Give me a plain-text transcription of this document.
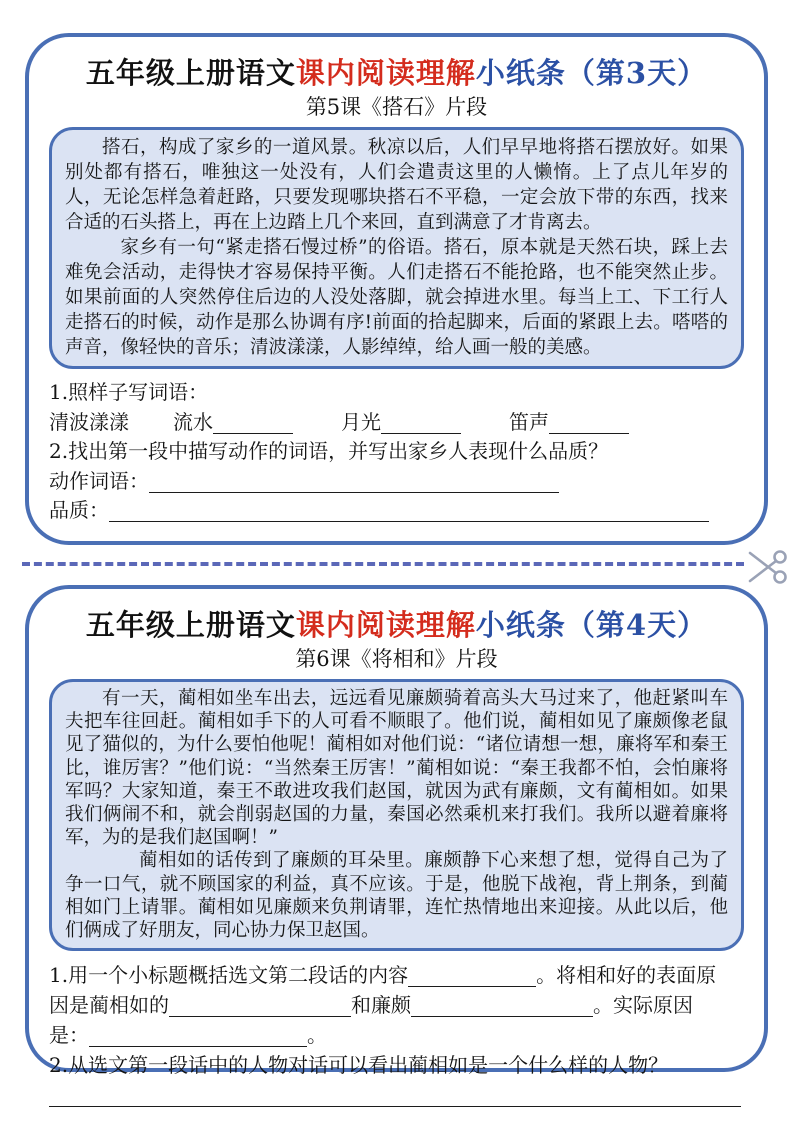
五年级上册语文课内阅读理解小纸条（第3天）
第5课《搭石》片段
搭石，构成了家乡的一道风景。秋凉以后，人们早早地将搭石摆放好。如果别处都有搭石，唯独这一处没有，人们会遣责这里的人懒惰。上了点儿年岁的人，无论怎样急着赶路，只要发现哪块搭石不平稳，一定会放下带的东西，找来合适的石头搭上，再在上边踏上几个来回，直到满意了才肯离去。
家乡有一句“紧走搭石慢过桥”的俗语。搭石，原本就是天然石块，踩上去难免会活动，走得快才容易保持平衡。人们走搭石不能抢路，也不能突然止步。如果前面的人突然停住后边的人没处落脚，就会掉进水里。每当上工、下工行人走搭石的时候，动作是那么协调有序!前面的拾起脚来，后面的紧跟上去。嗒嗒的声音，像轻快的音乐；清波漾漾，人影绰绰，给人画一般的美感。
1.照样子写词语：
清波漾漾 流水	月光	笛声
2.找出第一段中描写动作的词语，并写出家乡人表现什么品质？
动作词语：
品质：
五年级上册语文课内阅读理解小纸条（第4天）
第6课《将相和》片段
有一天，蔺相如坐车出去，远远看见廉颇骑着高头大马过来了，他赶紧叫车夫把车往回赶。蔺相如手下的人可看不顺眼了。他们说，蔺相如见了廉颇像老鼠见了猫似的，为什么要怕他呢！蔺相如对他们说：“诸位请想一想，廉将军和秦王比，谁厉害？”他们说：“当然秦王厉害！”蔺相如说：“秦王我都不怕，会怕廉将军吗？大家知道，秦王不敢进攻我们赵国，就因为武有廉颇，文有蔺相如。如果我们俩闹不和，就会削弱赵国的力量，秦国必然乘机来打我们。我所以避着廉将军，为的是我们赵国啊！”
蔺相如的话传到了廉颇的耳朵里。廉颇静下心来想了想，觉得自己为了争一口气，就不顾国家的利益，真不应该。于是，他脱下战袍，背上荆条，到蔺相如门上请罪。蔺相如见廉颇来负荆请罪，连忙热情地出来迎接。从此以后，他们俩成了好朋友，同心协力保卫赵国。
1.用一个小标题概括选文第二段话的内容	。将相和好的表面原
因是蔺相如的	和廉颇	。实际原因
是：	。
2.从选文第一段话中的人物对话可以看出蔺相如是一个什么样的人物？
